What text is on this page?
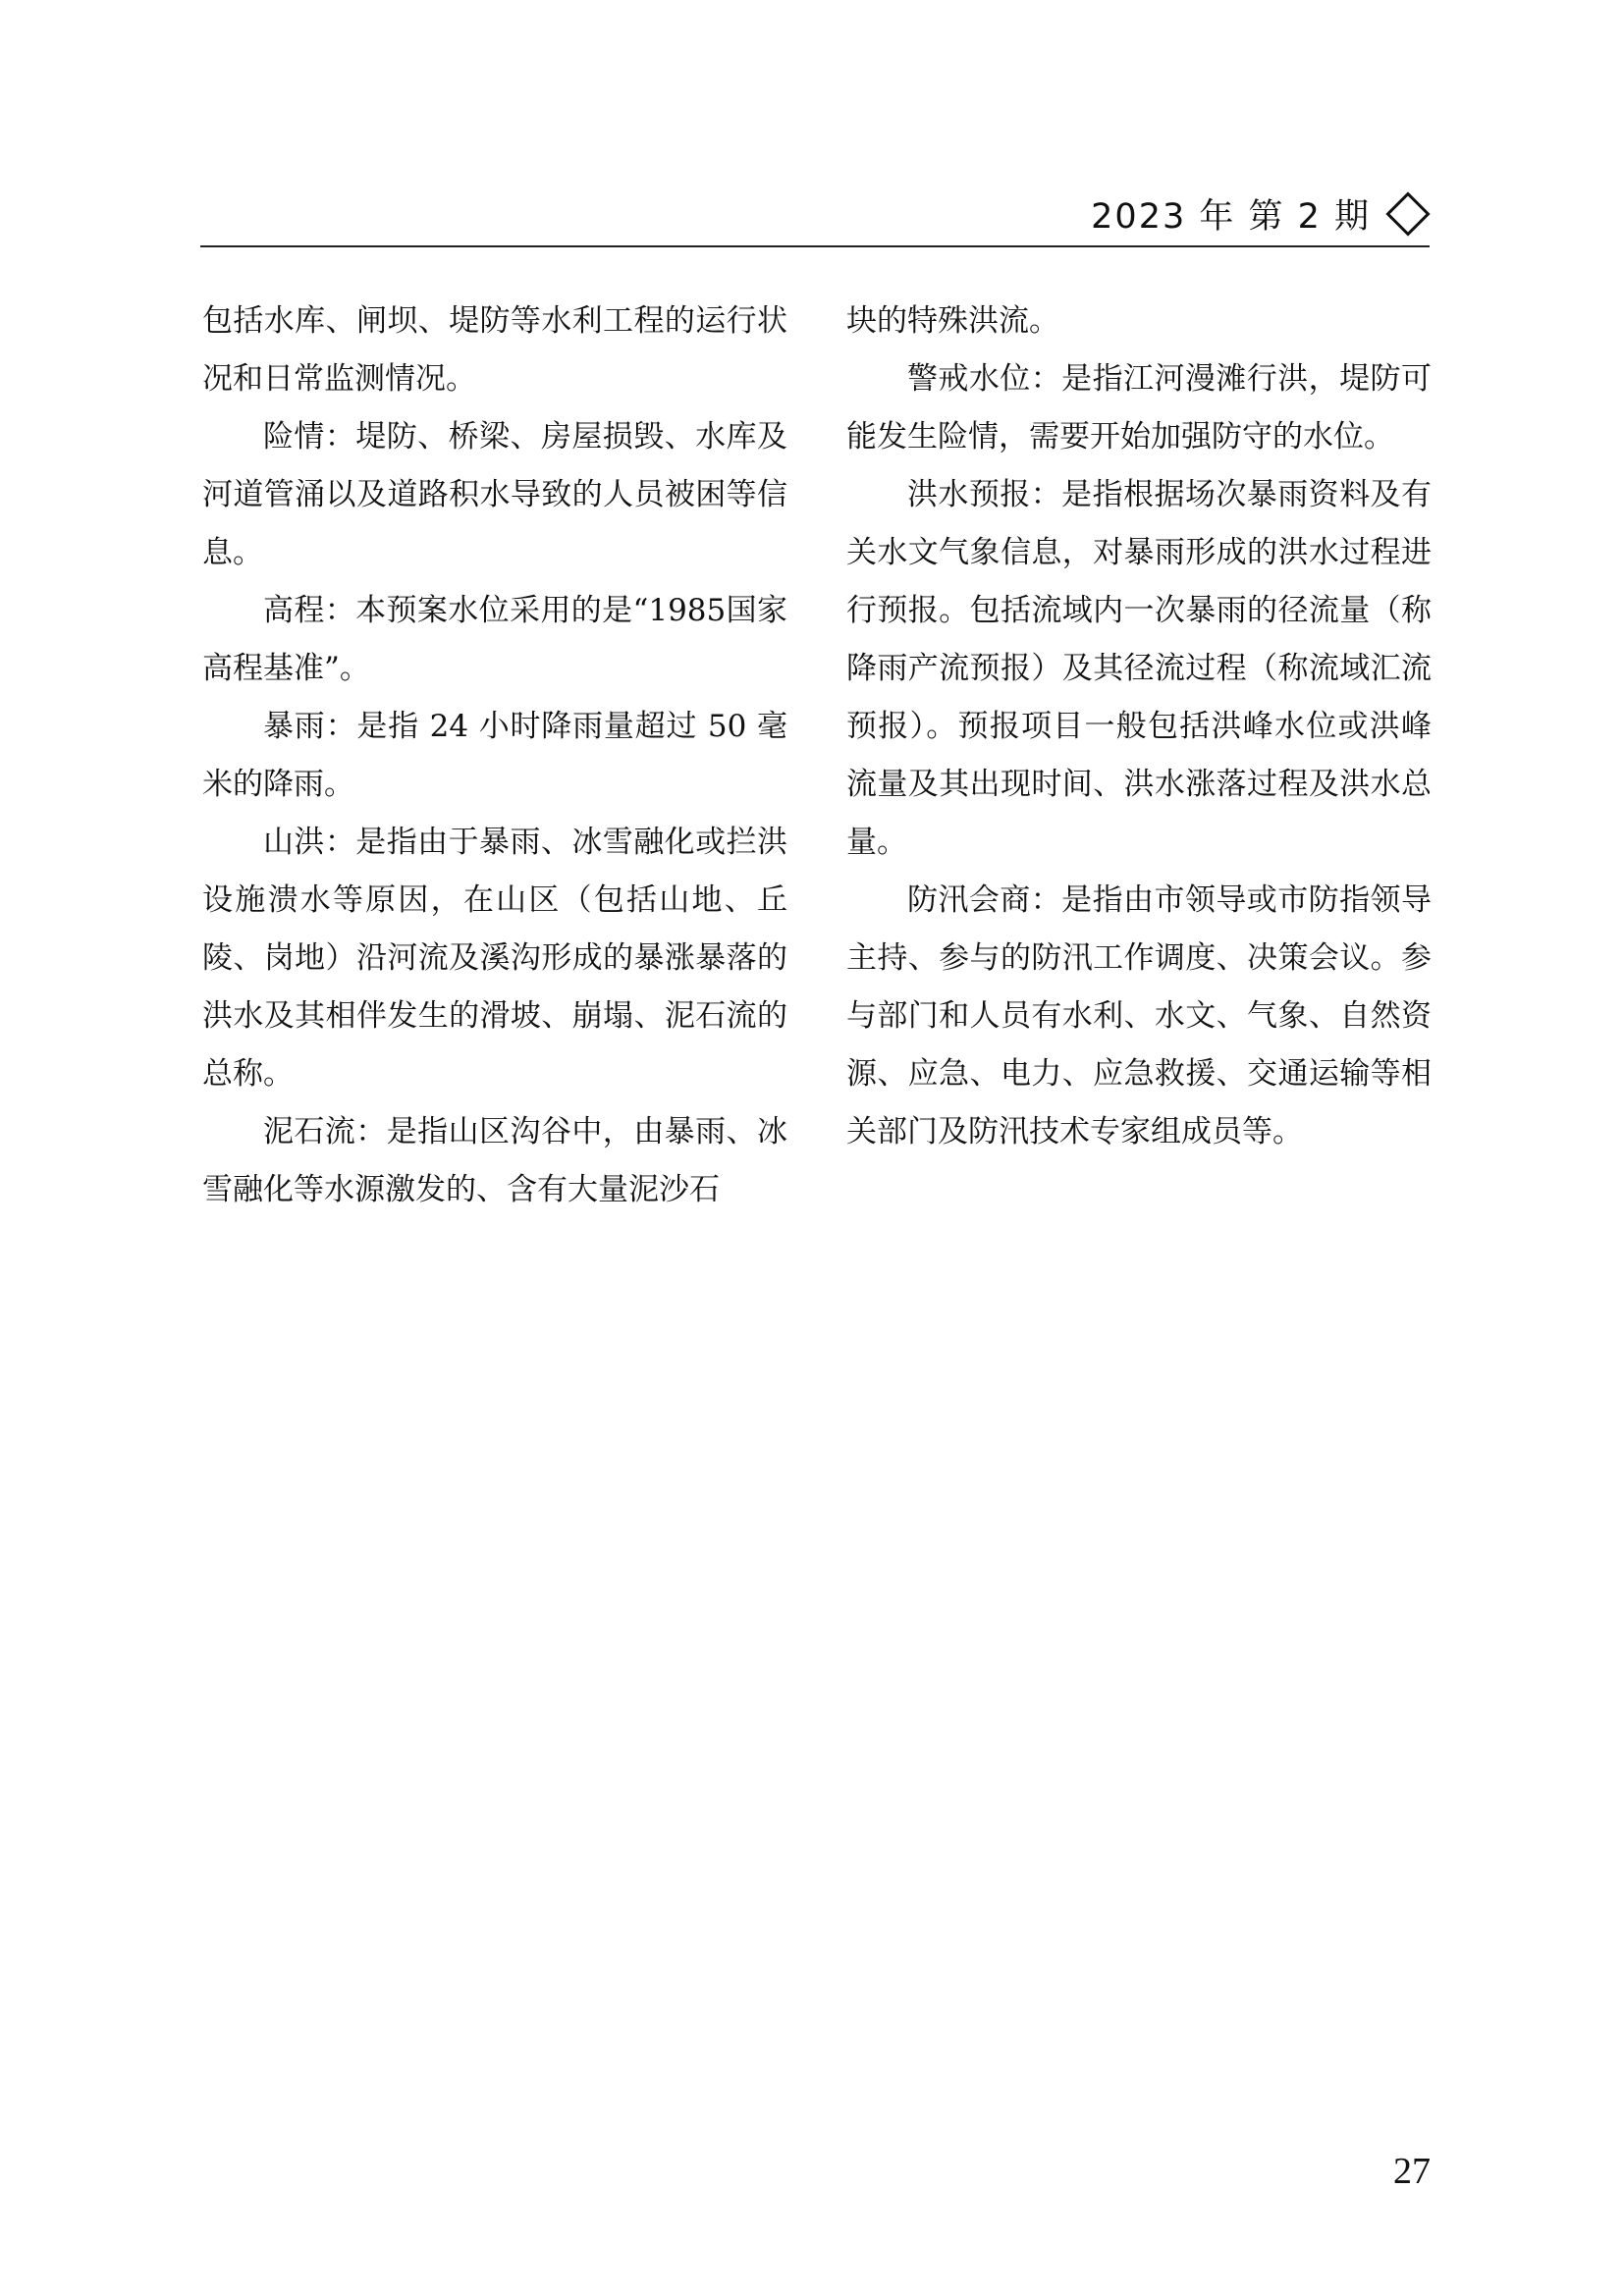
2023 年 第 2 期

包括水库、闸坝、堤防等水利工程的运行状况和日常监测情况。

险情：堤防、桥梁、房屋损毁、水库及河道管涌以及道路积水导致的人员被困等信息。

高程：本预案水位采用的是“1985国家高程基准”。

暴雨：是指 24 小时降雨量超过 50 毫米的降雨。

山洪：是指由于暴雨、冰雪融化或拦洪设施溃水等原因，在山区（包括山地、丘陵、岗地）沿河流及溪沟形成的暴涨暴落的洪水及其相伴发生的滑坡、崩塌、泥石流的总称。

泥石流：是指山区沟谷中，由暴雨、冰雪融化等水源激发的、含有大量泥沙石

块的特殊洪流。

警戒水位：是指江河漫滩行洪，堤防可能发生险情，需要开始加强防守的水位。

洪水预报：是指根据场次暴雨资料及有关水文气象信息，对暴雨形成的洪水过程进行预报。包括流域内一次暴雨的径流量（称降雨产流预报）及其径流过程（称流域汇流预报）。预报项目一般包括洪峰水位或洪峰流量及其出现时间、洪水涨落过程及洪水总量。

防汛会商：是指由市领导或市防指领导主持、参与的防汛工作调度、决策会议。参与部门和人员有水利、水文、气象、自然资源、应急、电力、应急救援、交通运输等相关部门及防汛技术专家组成员等。

27
